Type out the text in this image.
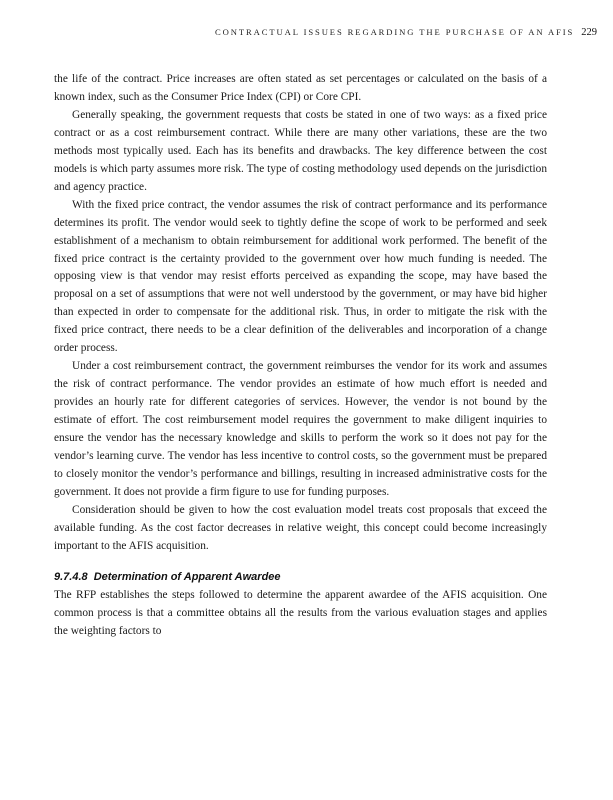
CONTRACTUAL ISSUES REGARDING THE PURCHASE OF AN AFIS 229

the life of the contract. Price increases are often stated as set percentages or calculated on the basis of a known index, such as the Consumer Price Index (CPI) or Core CPI.

Generally speaking, the government requests that costs be stated in one of two ways: as a fixed price contract or as a cost reimbursement contract. While there are many other variations, these are the two methods most typically used. Each has its benefits and drawbacks. The key difference between the cost models is which party assumes more risk. The type of costing methodology used depends on the jurisdiction and agency practice.

With the fixed price contract, the vendor assumes the risk of contract performance and its performance determines its profit. The vendor would seek to tightly define the scope of work to be performed and seek establishment of a mechanism to obtain reimbursement for additional work performed. The benefit of the fixed price contract is the certainty provided to the government over how much funding is needed. The opposing view is that vendor may resist efforts perceived as expanding the scope, may have based the proposal on a set of assumptions that were not well understood by the government, or may have bid higher than expected in order to compensate for the additional risk. Thus, in order to mitigate the risk with the fixed price contract, there needs to be a clear definition of the deliverables and incorporation of a change order process.

Under a cost reimbursement contract, the government reimburses the vendor for its work and assumes the risk of contract performance. The vendor provides an estimate of how much effort is needed and provides an hourly rate for different categories of services. However, the vendor is not bound by the estimate of effort. The cost reimbursement model requires the government to make diligent inquiries to ensure the vendor has the necessary knowledge and skills to perform the work so it does not pay for the vendor’s learning curve. The vendor has less incentive to control costs, so the government must be prepared to closely monitor the vendor’s performance and billings, resulting in increased administrative costs for the government. It does not provide a firm figure to use for funding purposes.

Consideration should be given to how the cost evaluation model treats cost proposals that exceed the available funding. As the cost factor decreases in relative weight, this concept could become increasingly important to the AFIS acquisition.

9.7.4.8 Determination of Apparent Awardee

The RFP establishes the steps followed to determine the apparent awardee of the AFIS acquisition. One common process is that a committee obtains all the results from the various evaluation stages and applies the weighting factors to
